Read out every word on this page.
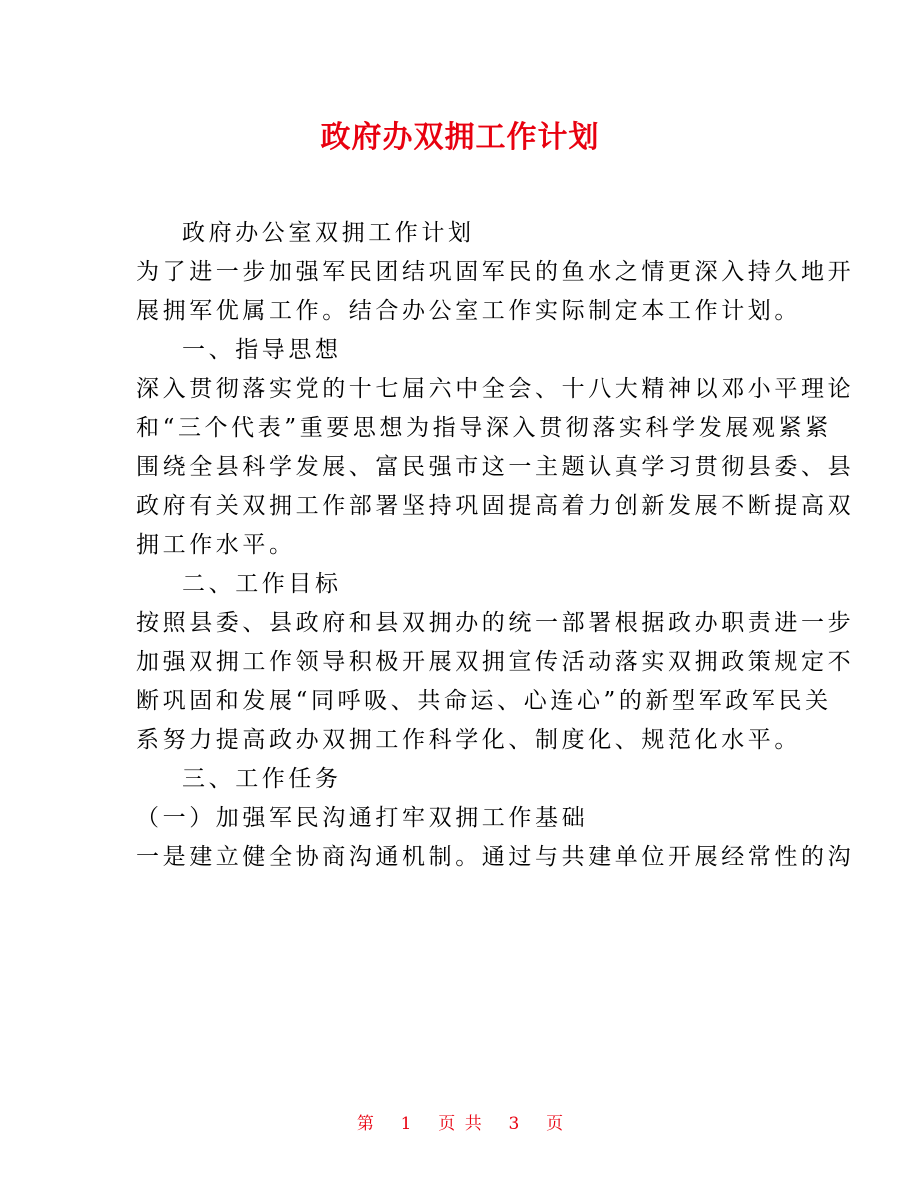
政府办双拥工作计划

政府办公室双拥工作计划

为了进一步加强军民团结巩固军民的鱼水之情更深入持久地开

展拥军优属工作。结合办公室工作实际制定本工作计划。

一、指导思想

深入贯彻落实党的十七届六中全会、十八大精神以邓小平理论

和“三个代表”重要思想为指导深入贯彻落实科学发展观紧紧

围绕全县科学发展、富民强市这一主题认真学习贯彻县委、县

政府有关双拥工作部署坚持巩固提高着力创新发展不断提高双

拥工作水平。

二、工作目标

按照县委、县政府和县双拥办的统一部署根据政办职责进一步

加强双拥工作领导积极开展双拥宣传活动落实双拥政策规定不

断巩固和发展“同呼吸、共命运、心连心”的新型军政军民关

系努力提高政办双拥工作科学化、制度化、规范化水平。

三、工作任务

（一）加强军民沟通打牢双拥工作基础

一是建立健全协商沟通机制。通过与共建单位开展经常性的沟

第 1 页 共 3 页
